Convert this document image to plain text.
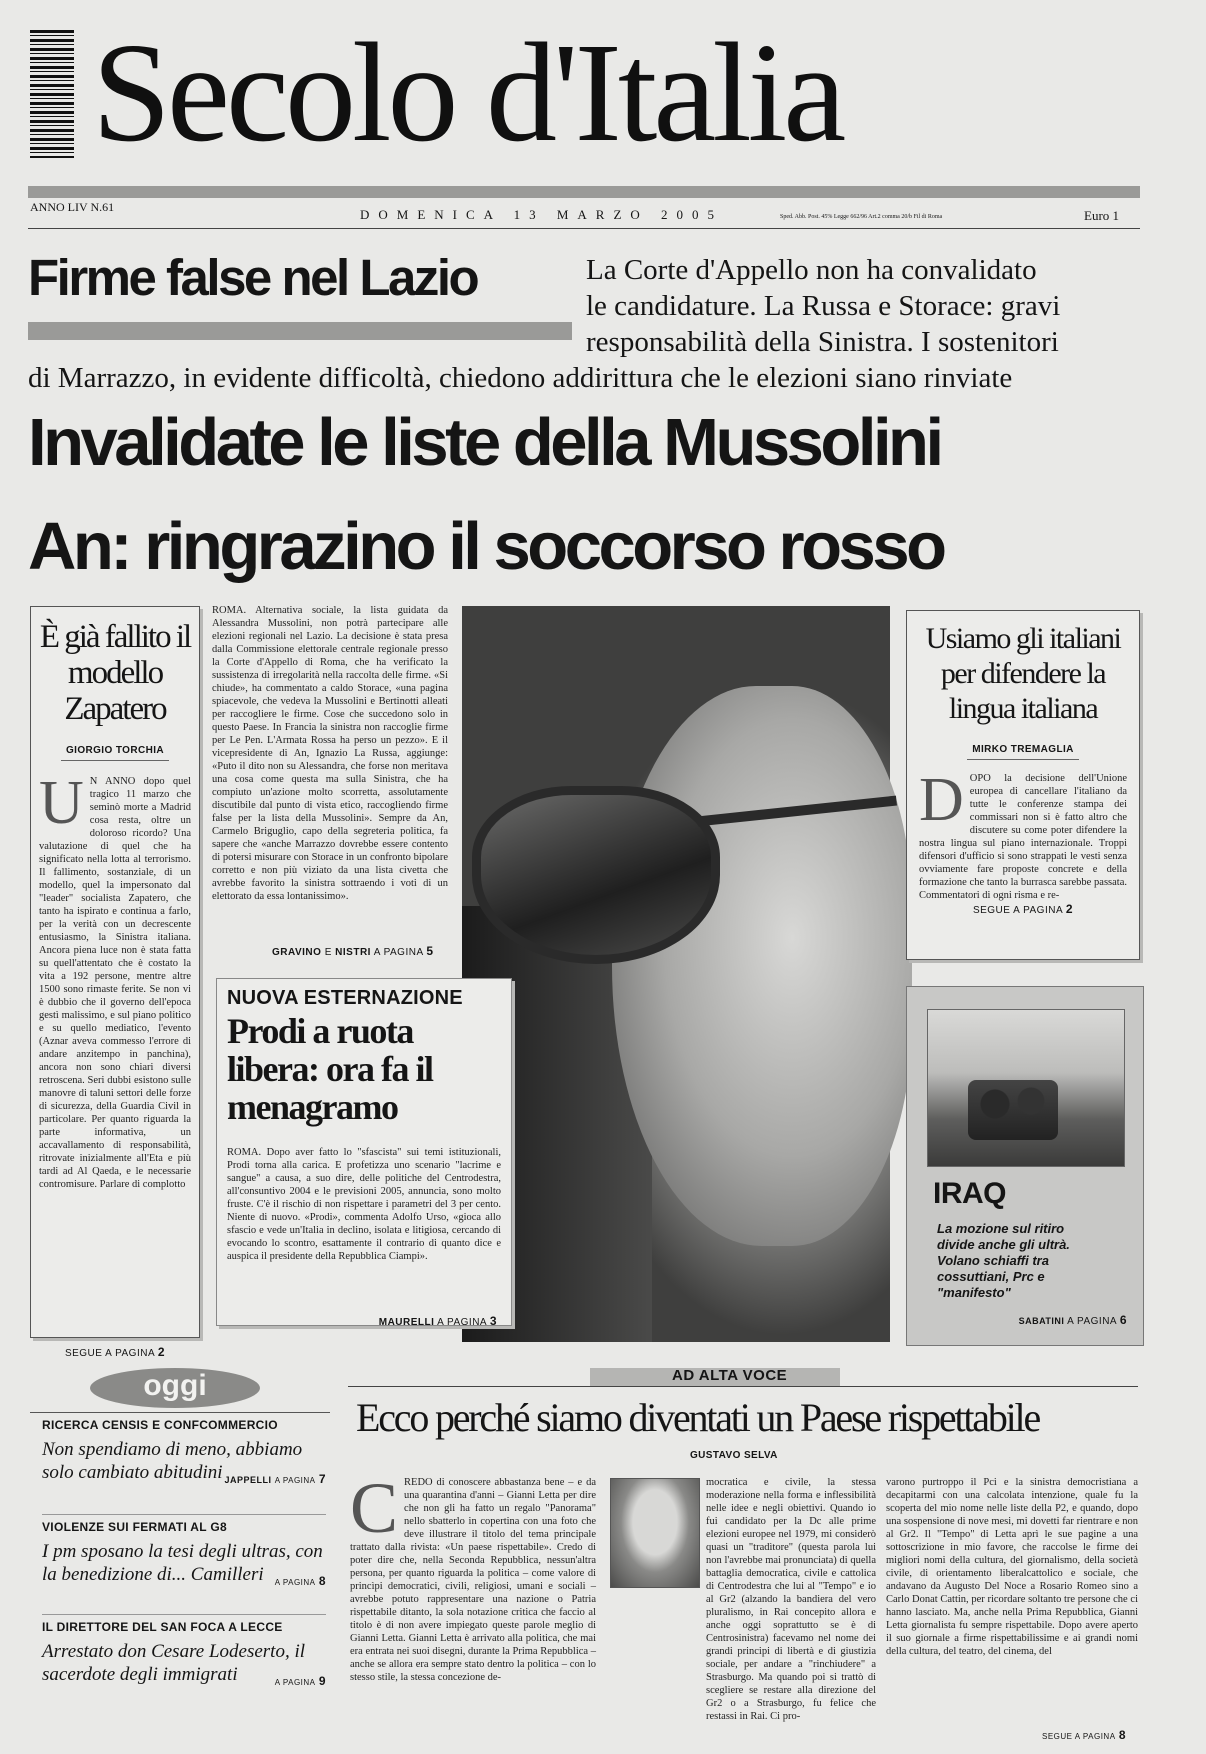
Secolo d'Italia
ANNO LIV N.61	DOMENICA 13 MARZO 2005	Sped. Abb. Post. 45% Legge 662/96 Art.2 comma 20/b Fil di Roma	Euro 1
Firme false nel Lazio	La Corte d'Appello non ha convalidato
le candidature. La Russa e Storace: gravi
responsabilità della Sinistra. I sostenitori
di Marrazzo, in evidente difficoltà, chiedono addirittura che le elezioni siano rinviate
Invalidate le liste della Mussolini
An: ringrazino il soccorso rosso
È già fallito il modello Zapatero
GIORGIO TORCHIA
U N ANNO dopo quel tragico 11 marzo che seminò morte a Madrid cosa resta, oltre un doloroso ricordo? Una valutazione di quel che ha significato nella lotta al terrorismo. Il fallimento, sostanziale, di un modello, quel la impersonato dal "leader" socialista Zapatero, che tanto ha ispirato e continua a farlo, per la verità con un decrescente entusiasmo, la Sinistra italiana. Ancora piena luce non è stata fatta su quell'attentato che è costato la vita a 192 persone, mentre altre 1500 sono rimaste ferite. Se non vi è dubbio che il governo dell'epoca gestì malissimo, e sul piano politico e su quello mediatico, l'evento (Aznar aveva commesso l'errore di andare anzitempo in panchina), ancora non sono chiari diversi retroscena. Seri dubbi esistono sulle manovre di taluni settori delle forze di sicurezza, della Guardia Civil in particolare. Per quanto riguarda la parte informativa, un accavallamento di responsabilità, ritrovate inizialmente all'Eta e più tardi ad Al Qaeda, e le necessarie contromisure. Parlare di complotto
SEGUE A PAGINA 2
ROMA. Alternativa sociale, la lista guidata da Alessandra Mussolini, non potrà partecipare alle elezioni regionali nel Lazio. La decisione è stata presa dalla Commissione elettorale centrale regionale presso la Corte d'Appello di Roma, che ha verificato la sussistenza di irregolarità nella raccolta delle firme. «Si chiude», ha commentato a caldo Storace, «una pagina spiacevole, che vedeva la Mussolini e Bertinotti alleati per raccogliere le firme. Cose che succedono solo in questo Paese. In Francia la sinistra non raccoglie firme per Le Pen. L'Armata Rossa ha perso un pezzo». E il vicepresidente di An, Ignazio La Russa, aggiunge: «Puto il dito non su Alessandra, che forse non meritava una cosa come questa ma sulla Sinistra, che ha compiuto un'azione molto scorretta, assolutamente discutibile dal punto di vista etico, raccogliendo firme false per la lista della Mussolini». Sempre da An, Carmelo Briguglio, capo della segreteria politica, fa sapere che «anche Marrazzo dovrebbe essere contento di potersi misurare con Storace in un confronto bipolare corretto e non più viziato da una lista civetta che avrebbe favorito la sinistra sottraendo i voti di un elettorato da essa lontanissimo».
GRAVINO E NISTRI A PAGINA 5
Usiamo gli italiani per difendere la lingua italiana
MIRKO TREMAGLIA
D OPO la decisione dell'Unione europea di cancellare l'italiano da tutte le conferenze stampa dei commissari non si è fatto altro che discutere su come poter difendere la nostra lingua sul piano internazionale. Troppi difensori d'ufficio si sono strappati le vesti senza ovviamente fare proposte concrete e della formazione che tanto la burrasca sarebbe passata. Commentatori di ogni risma e re-
SEGUE A PAGINA 2
NUOVA ESTERNAZIONE
Prodi a ruota libera: ora fa il menagramo
ROMA. Dopo aver fatto lo "sfascista" sui temi istituzionali, Prodi torna alla carica. E profetizza uno scenario "lacrime e sangue" a causa, a suo dire, delle politiche del Centrodestra, all'consuntivo 2004 e le previsioni 2005, annuncia, sono molto fruste. C'è il rischio di non rispettare i parametri del 3 per cento. Niente di nuovo. «Prodi», commenta Adolfo Urso, «gioca allo sfascio e vede un'Italia in declino, isolata e litigiosa, cercando di evocando lo scontro, esattamente il contrario di quanto dice e auspica il presidente della Repubblica Ciampi».
MAURELLI A PAGINA 3
IRAQ
La mozione sul ritiro divide anche gli ultrà. Volano schiaffi tra cossuttiani, Prc e "manifesto"
SABATINI A PAGINA 6
oggi
RICERCA CENSIS E CONFCOMMERCIO
Non spendiamo di meno, abbiamo solo cambiato abitudini JAPPELLI A PAGINA 7
VIOLENZE SUI FERMATI AL G8
I pm sposano la tesi degli ultras, con la benedizione di... Camilleri	A PAGINA 8
IL DIRETTORE DEL SAN FOCA A LECCE
Arrestato don Cesare Lodeserto, il sacerdote degli immigrati	A PAGINA 9
AD ALTA VOCE
Ecco perché siamo diventati un Paese rispettabile
GUSTAVO SELVA
C REDO di conoscere abbastanza bene – e da una quarantina d'anni – Gianni Letta per dire che non gli ha fatto un regalo "Panorama" nello sbatterlo in copertina con una foto che deve illustrare il titolo del tema principale trattato dalla rivista: «Un paese rispettabile». Credo di poter dire che, nella Seconda Repubblica, nessun'altra persona, per quanto riguarda la politica – come valore di princìpi democratici, civili, religiosi, umani e sociali – avrebbe potuto rappresentare una nazione o Patria rispettabile ditanto, la sola notazione critica che faccio al titolo è di non avere impiegato queste parole meglio di Gianni Letta. Gianni Letta è arrivato alla politica, che mai era entrata nei suoi disegni, durante la Prima Repubblica – anche se allora era sempre stato dentro la politica – con lo stesso stile, la stessa concezione de-
mocratica e civile, la stessa moderazione nella forma e inflessibilità nelle idee e negli obiettivi. Quando io fui candidato per la Dc alle prime elezioni europee nel 1979, mi considerò quasi un "tradìtore" (questa parola lui non l'avrebbe mai pronunciata) di quella battaglia democratica, civile e cattolica di Centrodestra che lui al "Tempo" e io al Gr2 (alzando la bandiera del vero pluralismo, in Rai concepito allora e anche oggi soprattutto se è di Centrosinistra) facevamo nel nome dei grandi principi di libertà e di giustizia sociale, per andare a "rinchiudere" a Strasburgo. Ma quando poi si trattò di scegliere se restare alla direzione del Gr2 o a Strasburgo, fu felice che restassi in Rai. Ci pro-
varono purtroppo il Pci e la sinistra democristiana a decapitarmi con una calcolata intenzione, quale fu la scoperta del mio nome nelle liste della P2, e quando, dopo una sospensione di nove mesi, mi dovetti far rientrare e non al Gr2. Il "Tempo" di Letta aprì le sue pagine a una sottoscrizione in mio favore, che raccolse le firme dei migliori nomi della cultura, del giornalismo, della società civile, di orientamento liberalcattolico e sociale, che andavano da Augusto Del Noce a Rosario Romeo sino a Carlo Donat Cattin, per ricordare soltanto tre persone che ci hanno lasciato. Ma, anche nella Prima Repubblica, Gianni Letta giornalista fu sempre rispettabile. Dopo avere aperto il suo giornale a firme rispettabilissime e ai grandi nomi della cultura, del teatro, del cinema, del
SEGUE A PAGINA 8
